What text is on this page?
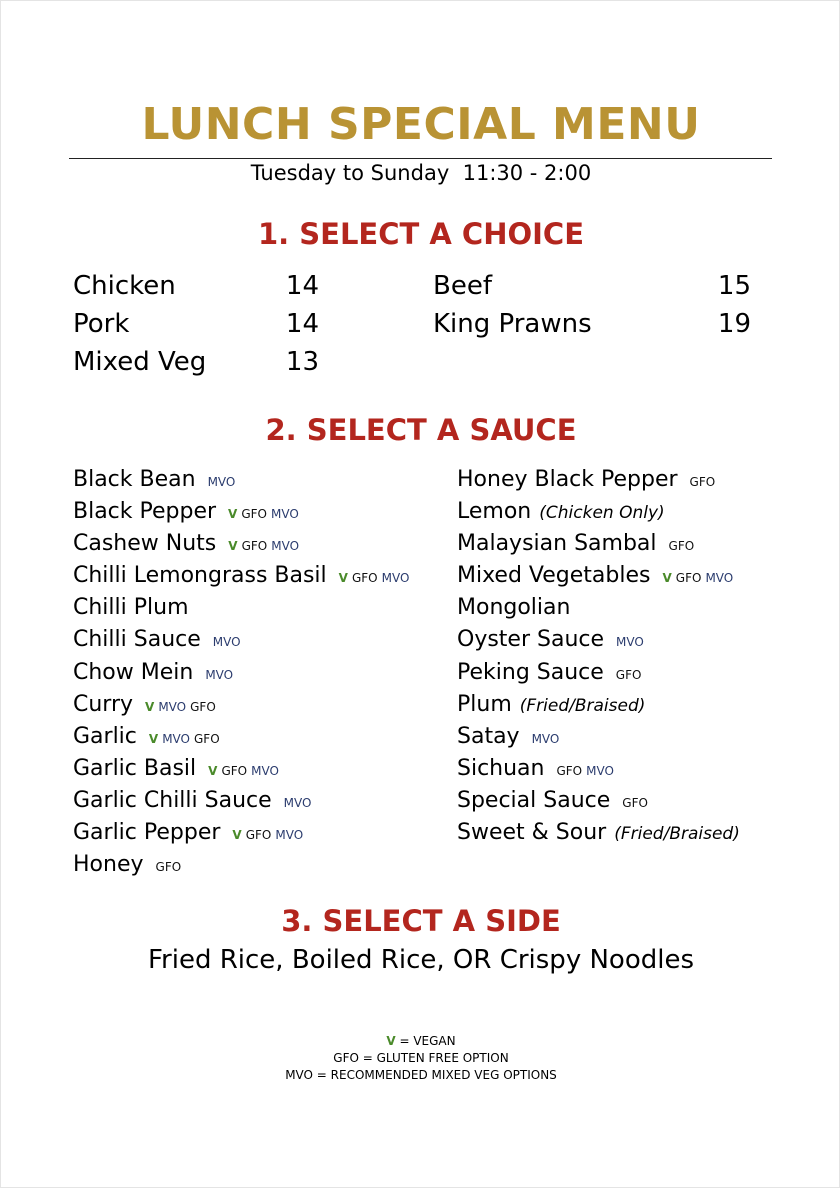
LUNCH SPECIAL MENU
Tuesday to Sunday  11:30 - 2:00
1. SELECT A CHOICE
Chicken	14
Pork	14
Mixed Veg	13
Beef	15
King Prawns	19
2. SELECT A SAUCE
Black Bean MVO
Black Pepper V GFO MVO
Cashew Nuts V GFO MVO
Chilli Lemongrass Basil V GFO MVO
Chilli Plum
Chilli Sauce MVO
Chow Mein MVO
Curry V MVO GFO
Garlic V MVO GFO
Garlic Basil V GFO MVO
Garlic Chilli Sauce MVO
Garlic Pepper V GFO MVO
Honey GFO
Honey Black Pepper GFO
Lemon (Chicken Only)
Malaysian Sambal GFO
Mixed Vegetables V GFO MVO
Mongolian
Oyster Sauce MVO
Peking Sauce GFO
Plum (Fried/Braised)
Satay MVO
Sichuan GFO MVO
Special Sauce GFO
Sweet & Sour (Fried/Braised)
3. SELECT A SIDE
Fried Rice, Boiled Rice, OR Crispy Noodles
V = VEGAN
GFO = GLUTEN FREE OPTION
MVO = RECOMMENDED MIXED VEG OPTIONS
